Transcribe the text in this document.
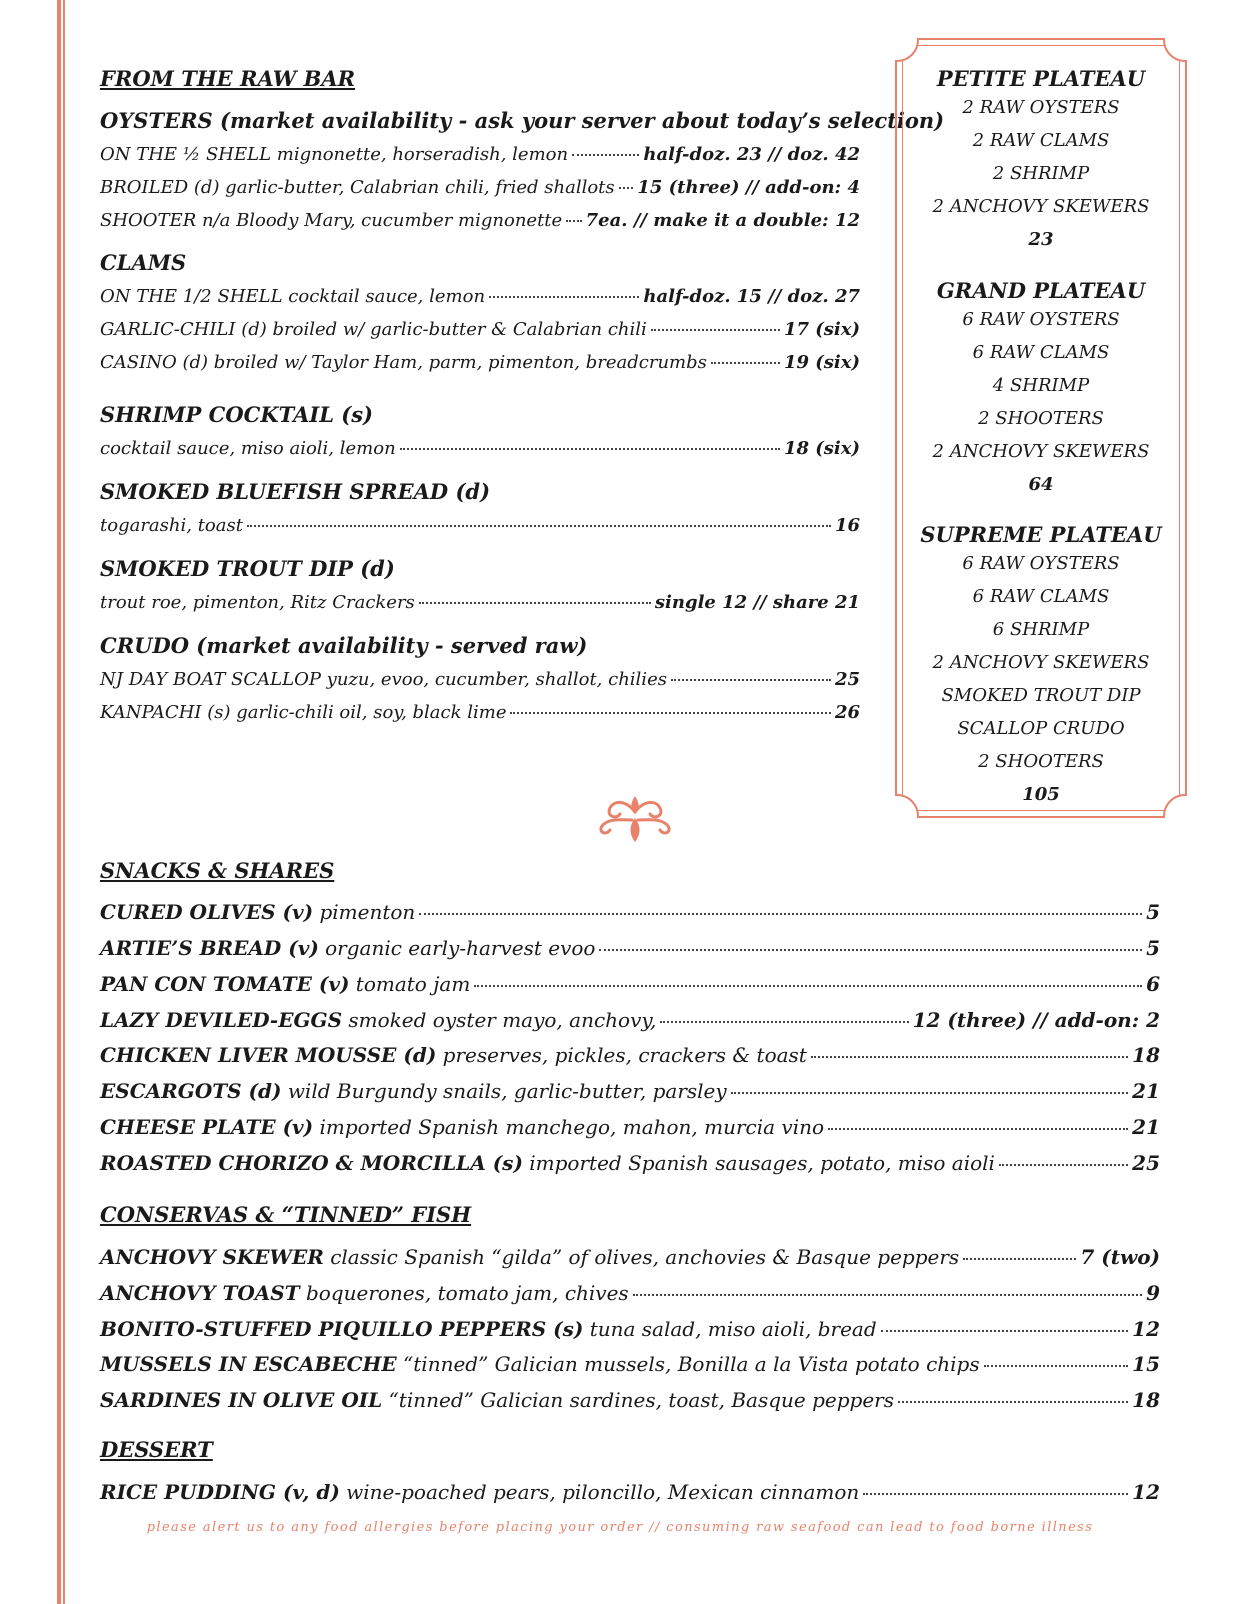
FROM THE RAW BAR
OYSTERS (market availability - ask your server about today’s selection)
ON THE ½ SHELL mignonette, horseradish, lemon	half-doz. 23 // doz. 42
BROILED (d) garlic-butter, Calabrian chili, fried shallots 15 (three) // add-on: 4
SHOOTER n/a Bloody Mary, cucumber mignonette 7ea. // make it a double: 12
CLAMS
ON THE 1/2 SHELL cocktail sauce, lemon	half-doz. 15 // doz. 27
GARLIC-CHILI (d) broiled w/ garlic-butter & Calabrian chili	17 (six)
CASINO (d) broiled w/ Taylor Ham, parm, pimenton, breadcrumbs	19 (six)
SHRIMP COCKTAIL (s)
cocktail sauce, miso aioli, lemon	18 (six)
SMOKED BLUEFISH SPREAD (d)
togarashi, toast	16
SMOKED TROUT DIP (d)
trout roe, pimenton, Ritz Crackers	single 12 // share 21
CRUDO (market availability - served raw)
NJ DAY BOAT SCALLOP yuzu, evoo, cucumber, shallot, chilies	25
KANPACHI (s) garlic-chili oil, soy, black lime	26
PETITE PLATEAU
2 RAW OYSTERS
2 RAW CLAMS
2 SHRIMP
2 ANCHOVY SKEWERS
23
GRAND PLATEAU
6 RAW OYSTERS
6 RAW CLAMS
4 SHRIMP
2 SHOOTERS
2 ANCHOVY SKEWERS
64
SUPREME PLATEAU
6 RAW OYSTERS
6 RAW CLAMS
6 SHRIMP
2 ANCHOVY SKEWERS
SMOKED TROUT DIP
SCALLOP CRUDO
2 SHOOTERS
105
SNACKS & SHARES
CURED OLIVES (v)
pimenton	5
ARTIE’S BREAD (v)
organic early-harvest evoo	5
PAN CON TOMATE (v)
tomato jam	6
LAZY DEVILED-EGGS
smoked oyster mayo, anchovy,	12 (three) // add-on: 2
CHICKEN LIVER MOUSSE (d)
preserves, pickles, crackers & toast	18
ESCARGOTS (d)
wild Burgundy snails, garlic-butter, parsley	21
CHEESE PLATE (v)
imported Spanish manchego, mahon, murcia vino	21
ROASTED CHORIZO & MORCILLA (s)
imported Spanish sausages, potato, miso aioli	25
CONSERVAS & “TINNED” FISH
ANCHOVY SKEWER
classic Spanish “gilda” of olives, anchovies & Basque peppers	7 (two)
ANCHOVY TOAST
boquerones, tomato jam, chives	9
BONITO-STUFFED PIQUILLO PEPPERS (s)
tuna salad, miso aioli, bread	12
MUSSELS IN ESCABECHE
“tinned” Galician mussels, Bonilla a la Vista potato chips	15
SARDINES IN OLIVE OIL
“tinned” Galician sardines, toast, Basque peppers	18
DESSERT
RICE PUDDING (v, d)
wine-poached pears, piloncillo, Mexican cinnamon	12
please alert us to any food allergies before placing your order // consuming raw seafood can lead to food borne illness
